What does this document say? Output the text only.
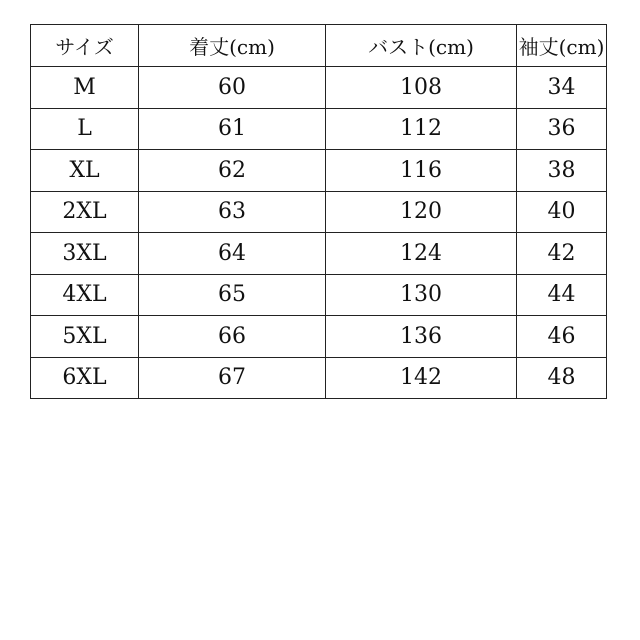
サイズ	着丈(cm)	バスト(cm)	袖丈(cm)
M	60	108	34
L	61	112	36
XL	62	116	38
2XL	63	120	40
3XL	64	124	42
4XL	65	130	44
5XL	66	136	46
6XL	67	142	48
